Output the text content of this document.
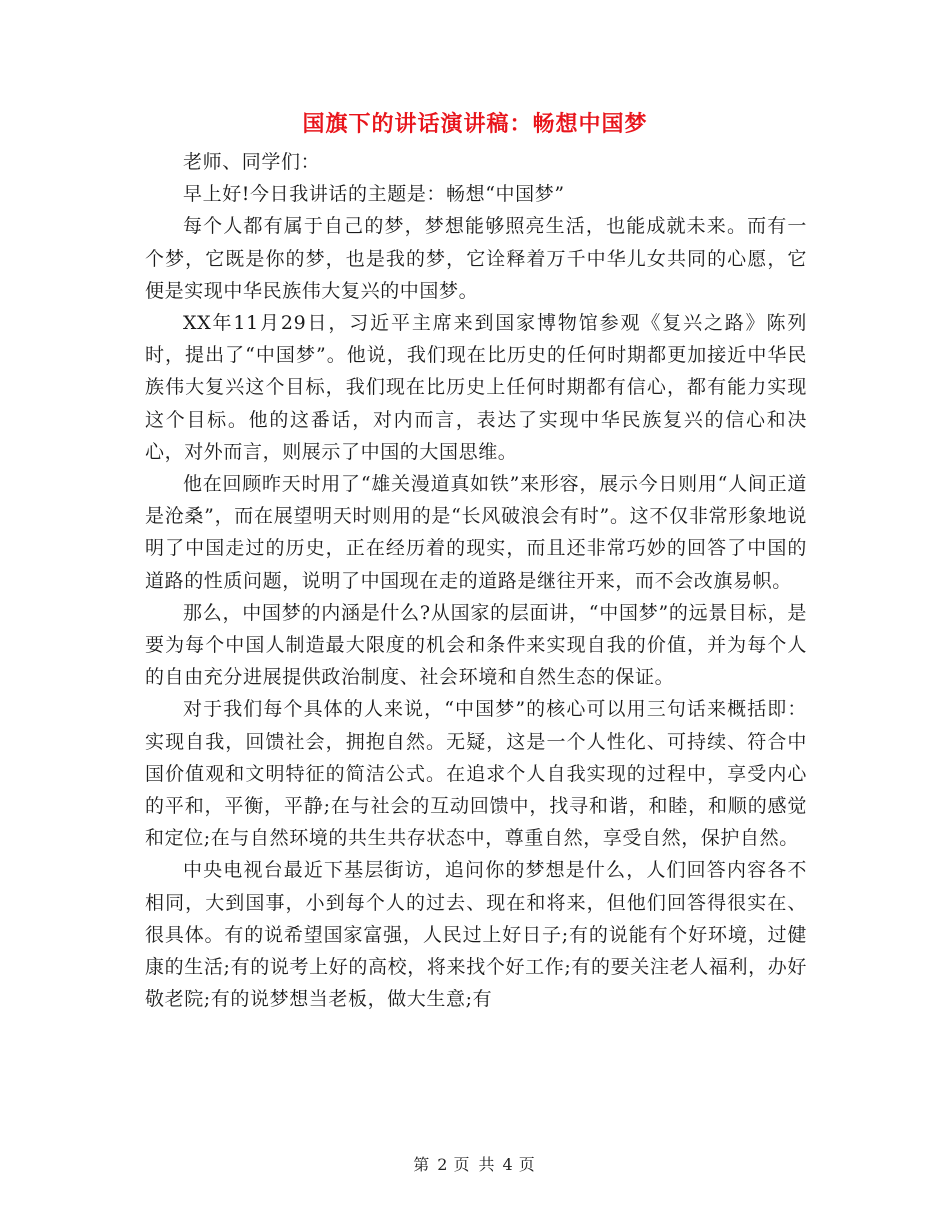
国旗下的讲话演讲稿：畅想中国梦

老师、同学们：

早上好!今日我讲话的主题是：畅想“中国梦”

每个人都有属于自己的梦，梦想能够照亮生活，也能成就未来。而有一个梦，它既是你的梦，也是我的梦，它诠释着万千中华儿女共同的心愿，它便是实现中华民族伟大复兴的中国梦。

XX年11月29日，习近平主席来到国家博物馆参观《复兴之路》陈列时，提出了“中国梦”。他说，我们现在比历史的任何时期都更加接近中华民族伟大复兴这个目标，我们现在比历史上任何时期都有信心，都有能力实现这个目标。他的这番话，对内而言，表达了实现中华民族复兴的信心和决心，对外而言，则展示了中国的大国思维。

他在回顾昨天时用了“雄关漫道真如铁”来形容，展示今日则用“人间正道是沧桑”，而在展望明天时则用的是“长风破浪会有时”。这不仅非常形象地说明了中国走过的历史，正在经历着的现实，而且还非常巧妙的回答了中国的道路的性质问题，说明了中国现在走的道路是继往开来，而不会改旗易帜。

那么，中国梦的内涵是什么?从国家的层面讲，“中国梦”的远景目标，是要为每个中国人制造最大限度的机会和条件来实现自我的价值，并为每个人的自由充分进展提供政治制度、社会环境和自然生态的保证。

对于我们每个具体的人来说，“中国梦”的核心可以用三句话来概括即：实现自我，回馈社会，拥抱自然。无疑，这是一个人性化、可持续、符合中国价值观和文明特征的简洁公式。在追求个人自我实现的过程中，享受内心的平和，平衡，平静;在与社会的互动回馈中，找寻和谐，和睦，和顺的感觉和定位;在与自然环境的共生共存状态中，尊重自然，享受自然，保护自然。

中央电视台最近下基层街访，追问你的梦想是什么，人们回答内容各不相同，大到国事，小到每个人的过去、现在和将来，但他们回答得很实在、很具体。有的说希望国家富强，人民过上好日子;有的说能有个好环境，过健康的生活;有的说考上好的高校，将来找个好工作;有的要关注老人福利，办好敬老院;有的说梦想当老板，做大生意;有

第 2 页 共 4 页
